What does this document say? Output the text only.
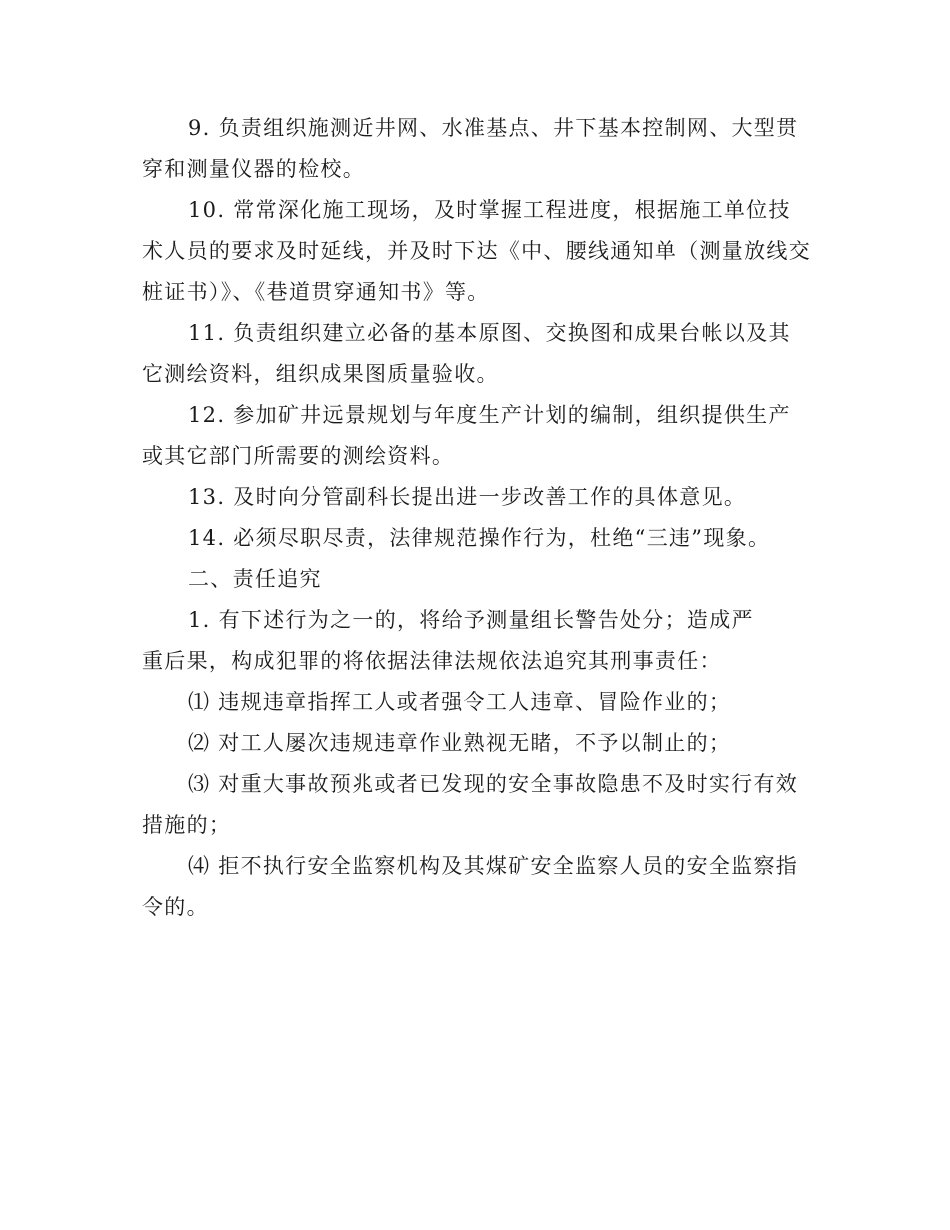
9. 负责组织施测近井网、水准基点、井下基本控制网、大型贯穿和测量仪器的检校。

10. 常常深化施工现场，及时掌握工程进度，根据施工单位技术人员的要求及时延线，并及时下达《中、腰线通知单（测量放线交桩证书）》、《巷道贯穿通知书》等。

11. 负责组织建立必备的基本原图、交换图和成果台帐以及其它测绘资料，组织成果图质量验收。

12. 参加矿井远景规划与年度生产计划的编制，组织提供生产或其它部门所需要的测绘资料。

13. 及时向分管副科长提出进一步改善工作的具体意见。

14. 必须尽职尽责，法律规范操作行为，杜绝“三违”现象。

二、责任追究

1. 有下述行为之一的，将给予测量组长警告处分；造成严重后果，构成犯罪的将依据法律法规依法追究其刑事责任：

⑴ 违规违章指挥工人或者强令工人违章、冒险作业的；

⑵ 对工人屡次违规违章作业熟视无睹，不予以制止的；

⑶ 对重大事故预兆或者已发现的安全事故隐患不及时实行有效措施的；

⑷ 拒不执行安全监察机构及其煤矿安全监察人员的安全监察指令的。
